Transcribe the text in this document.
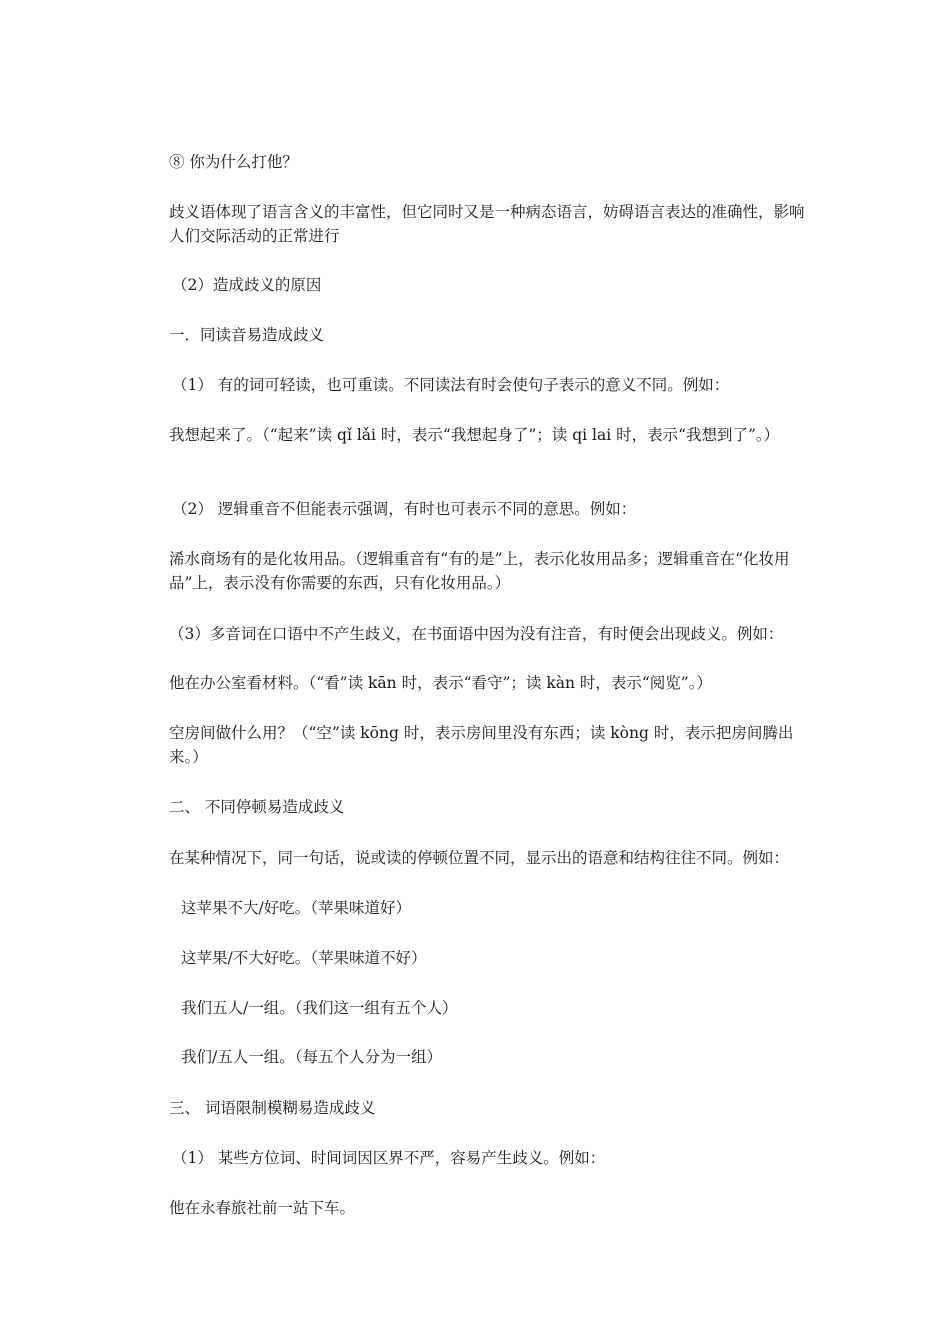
⑧ 你为什么打他？
歧义语体现了语言含义的丰富性，但它同时又是一种病态语言，妨碍语言表达的准确性，影响人们交际活动的正常进行
（2）造成歧义的原因
一．同读音易造成歧义
（1） 有的词可轻读，也可重读。不同读法有时会使句子表示的意义不同。例如：
我想起来了。（“起来”读 qǐ lǎi 时，表示“我想起身了”；读 qi lai 时，表示“我想到了”。）
（2） 逻辑重音不但能表示强调，有时也可表示不同的意思。例如：
浠水商场有的是化妆用品。（逻辑重音有“有的是”上，表示化妆用品多；逻辑重音在“化妆用品”上，表示没有你需要的东西，只有化妆用品。）
（3）多音词在口语中不产生歧义，在书面语中因为没有注音，有时便会出现歧义。例如：
他在办公室看材料。（“看”读 kān 时，表示“看守”；读 kàn 时，表示“阅览”。）
空房间做什么用？（“空”读 kōng 时，表示房间里没有东西；读 kòng 时，表示把房间腾出来。）
二、 不同停顿易造成歧义
在某种情况下，同一句话，说或读的停顿位置不同，显示出的语意和结构往往不同。例如：
这苹果不大/好吃。（苹果味道好）
这苹果/不大好吃。（苹果味道不好）
我们五人/一组。（我们这一组有五个人）
我们/五人一组。（每五个人分为一组）
三、 词语限制模糊易造成歧义
（1） 某些方位词、时间词因区界不严，容易产生歧义。例如：
他在永春旅社前一站下车。
